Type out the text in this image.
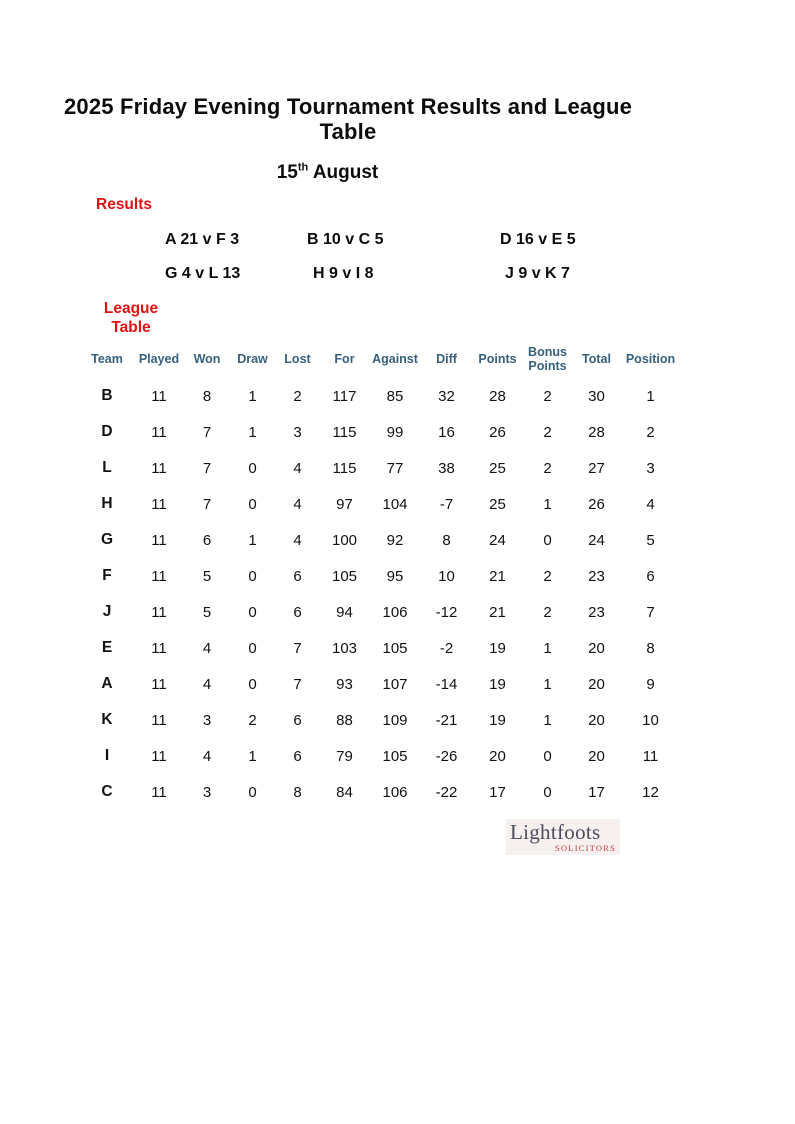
2025 Friday Evening Tournament Results and League Table
15th August
Results
A 21 v F 3	B 10 v C 5	D 16 v E 5
G 4 v L 13	H 9 v I 8	J 9 v K 7
League
Table
Team	Played	Won	Draw	Lost	For	Against	Diff	Points	Bonus Points	Total	Position
B	11	8	1	2	117	85	32	28	2	30	1
D	11	7	1	3	115	99	16	26	2	28	2
L	11	7	0	4	115	77	38	25	2	27	3
H	11	7	0	4	97	104	-7	25	1	26	4
G	11	6	1	4	100	92	8	24	0	24	5
F	11	5	0	6	105	95	10	21	2	23	6
J	11	5	0	6	94	106	-12	21	2	23	7
E	11	4	0	7	103	105	-2	19	1	20	8
A	11	4	0	7	93	107	-14	19	1	20	9
K	11	3	2	6	88	109	-21	19	1	20	10
I	11	4	1	6	79	105	-26	20	0	20	11
C	11	3	0	8	84	106	-22	17	0	17	12
Lightfoots
SOLICITORS
